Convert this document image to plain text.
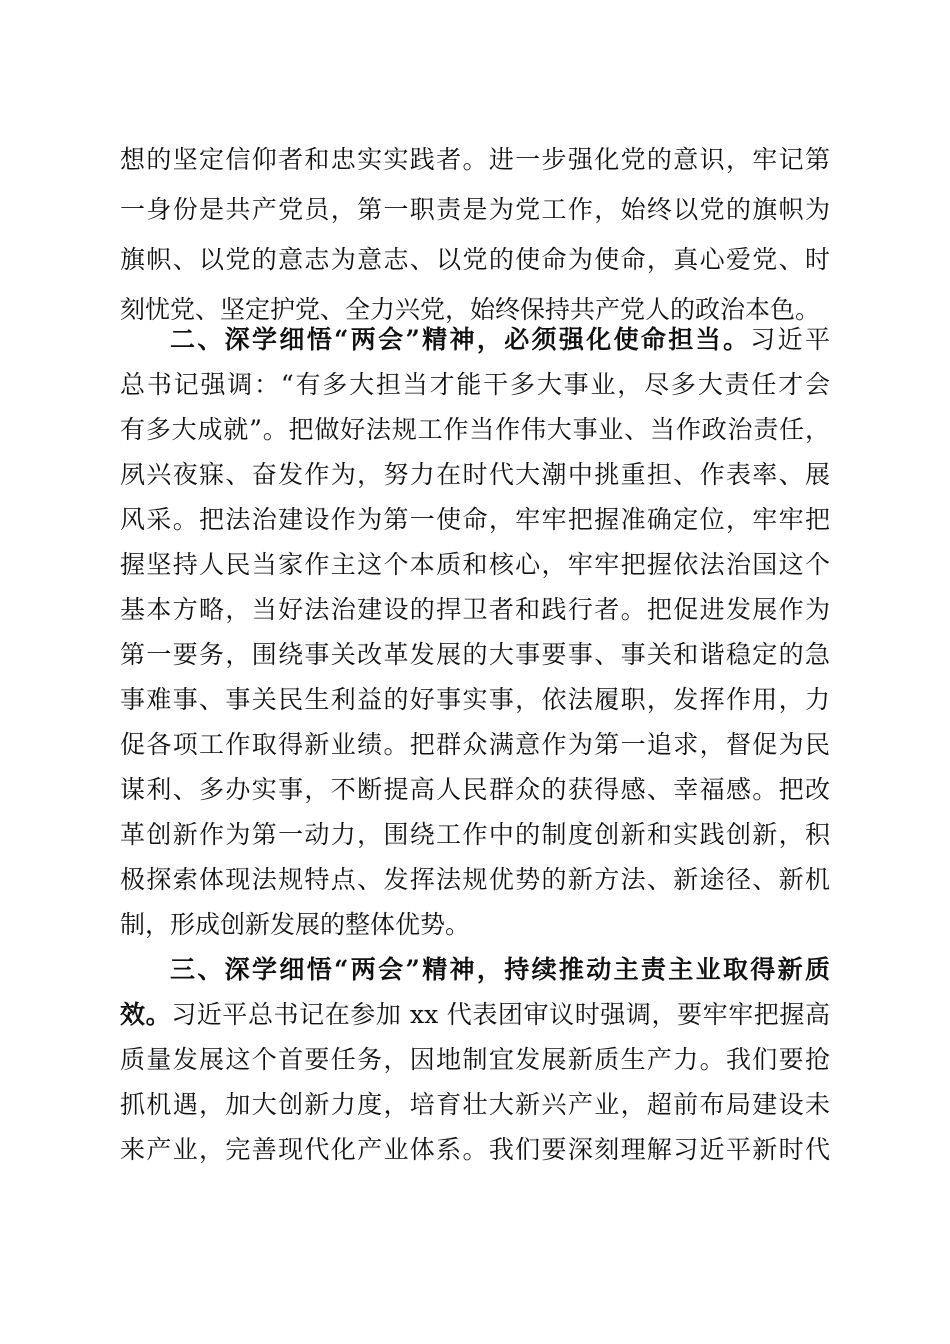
想的坚定信仰者和忠实实践者。进一步强化党的意识，牢记第
一身份是共产党员，第一职责是为党工作，始终以党的旗帜为
旗帜、以党的意志为意志、以党的使命为使命，真心爱党、时
刻忧党、坚定护党、全力兴党，始终保持共产党人的政治本色。
二、深学细悟“两会”精神，必须强化使命担当。习近平
总书记强调：“有多大担当才能干多大事业，尽多大责任才会
有多大成就”。把做好法规工作当作伟大事业、当作政治责任，
夙兴夜寐、奋发作为，努力在时代大潮中挑重担、作表率、展
风采。把法治建设作为第一使命，牢牢把握准确定位，牢牢把
握坚持人民当家作主这个本质和核心，牢牢把握依法治国这个
基本方略，当好法治建设的捍卫者和践行者。把促进发展作为
第一要务，围绕事关改革发展的大事要事、事关和谐稳定的急
事难事、事关民生利益的好事实事，依法履职，发挥作用，力
促各项工作取得新业绩。把群众满意作为第一追求，督促为民
谋利、多办实事，不断提高人民群众的获得感、幸福感。把改
革创新作为第一动力，围绕工作中的制度创新和实践创新，积
极探索体现法规特点、发挥法规优势的新方法、新途径、新机
制，形成创新发展的整体优势。
三、深学细悟“两会”精神，持续推动主责主业取得新质
效。习近平总书记在参加 xx 代表团审议时强调，要牢牢把握高
质量发展这个首要任务，因地制宜发展新质生产力。我们要抢
抓机遇，加大创新力度，培育壮大新兴产业，超前布局建设未
来产业，完善现代化产业体系。我们要深刻理解习近平新时代
